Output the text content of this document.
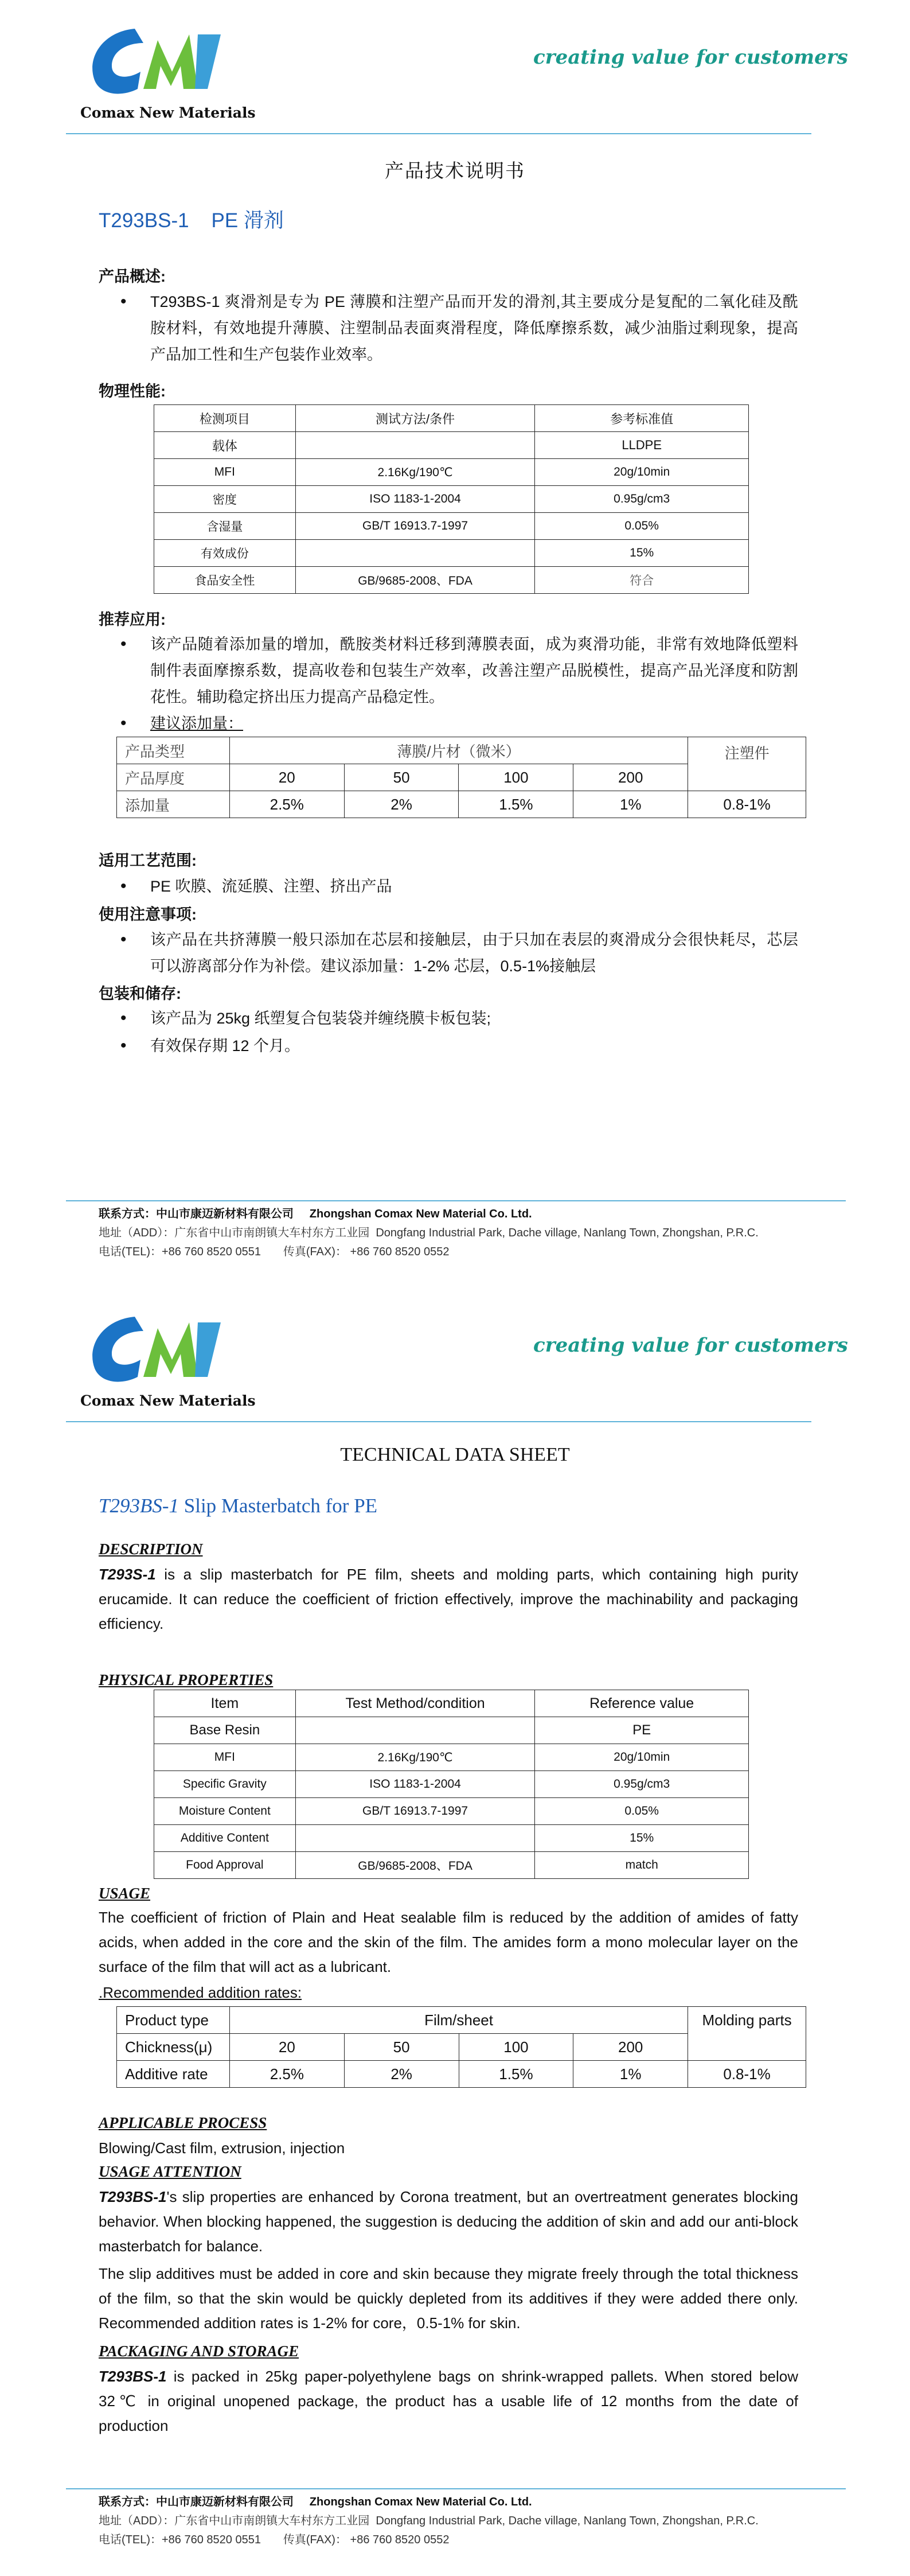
Comax New Materials
creating value for customers
产品技术说明书
T293BS-1 PE 滑剂
产品概述:
• T293BS-1 爽滑剂是专为 PE 薄膜和注塑产品而开发的滑剂,其主要成分是复配的二氧化硅及酰胺材料，有效地提升薄膜、注塑制品表面爽滑程度，降低摩擦系数，减少油脂过剩现象，提高产品加工性和生产包装作业效率。
物理性能:
检测项目	测试方法/条件	参考标准值
载体		LLDPE
MFI	2.16Kg/190℃	20g/10min
密度	ISO 1183-1-2004	0.95g/cm3
含湿量	GB/T 16913.7-1997	0.05%
有效成份		15%
食品安全性	GB/9685-2008、FDA	符合
推荐应用:
• 该产品随着添加量的增加，酰胺类材料迁移到薄膜表面，成为爽滑功能，非常有效地降低塑料制件表面摩擦系数，提高收卷和包装生产效率，改善注塑产品脱模性，提高产品光泽度和防割花性。辅助稳定挤出压力提高产品稳定性。
• 建议添加量：
产品类型	薄膜/片材（微米）				注塑件
产品厚度	20	50	100	200	
添加量	2.5%	2%	1.5%	1%	0.8-1%
适用工艺范围:
• PE 吹膜、流延膜、注塑、挤出产品
使用注意事项:
• 该产品在共挤薄膜一般只添加在芯层和接触层，由于只加在表层的爽滑成分会很快耗尽，芯层可以游离部分作为补偿。建议添加量：1-2% 芯层，0.5-1%接触层
包装和储存:
• 该产品为 25kg 纸塑复合包装袋并缠绕膜卡板包装;
• 有效保存期 12 个月。
联系方式：中山市康迈新材料有限公司 Zhongshan Comax New Material Co. Ltd.
地址（ADD）：广东省中山市南朗镇大车村东方工业园 Dongfang Industrial Park, Dache village, Nanlang Town, Zhongshan, P.R.C.
电话(TEL)：+86 760 8520 0551 传真(FAX)： +86 760 8520 0552
Comax New Materials
creating value for customers
TECHNICAL DATA SHEET
T293BS-1 Slip Masterbatch for PE
DESCRIPTION
T293S-1 is a slip masterbatch for PE film, sheets and molding parts, which containing high purity erucamide. It can reduce the coefficient of friction effectively, improve the machinability and packaging efficiency.
PHYSICAL PROPERTIES
Item	Test Method/condition	Reference value
Base Resin		PE
MFI	2.16Kg/190℃	20g/10min
Specific Gravity	ISO 1183-1-2004	0.95g/cm3
Moisture Content	GB/T 16913.7-1997	0.05%
Additive Content		15%
Food Approval	GB/9685-2008、FDA	match
USAGE
The coefficient of friction of Plain and Heat sealable film is reduced by the addition of amides of fatty acids, when added in the core and the skin of the film. The amides form a mono molecular layer on the surface of the film that will act as a lubricant.
.Recommended addition rates:
Product type	Film/sheet				Molding parts
Chickness(μ)	20	50	100	200	
Additive rate	2.5%	2%	1.5%	1%	0.8-1%
APPLICABLE PROCESS
Blowing/Cast film, extrusion, injection
USAGE ATTENTION
T293BS-1's slip properties are enhanced by Corona treatment, but an overtreatment generates blocking behavior. When blocking happened, the suggestion is deducing the addition of skin and add our anti-block masterbatch for balance.
The slip additives must be added in core and skin because they migrate freely through the total thickness of the film, so that the skin would be quickly depleted from its additives if they were added there only. Recommended addition rates is 1-2% for core，0.5-1% for skin.
PACKAGING AND STORAGE
T293BS-1 is packed in 25kg paper-polyethylene bags on shrink-wrapped pallets. When stored below 32℃ in original unopened package, the product has a usable life of 12 months from the date of production
联系方式：中山市康迈新材料有限公司 Zhongshan Comax New Material Co. Ltd.
地址（ADD）：广东省中山市南朗镇大车村东方工业园 Dongfang Industrial Park, Dache village, Nanlang Town, Zhongshan, P.R.C.
电话(TEL)：+86 760 8520 0551 传真(FAX)： +86 760 8520 0552
